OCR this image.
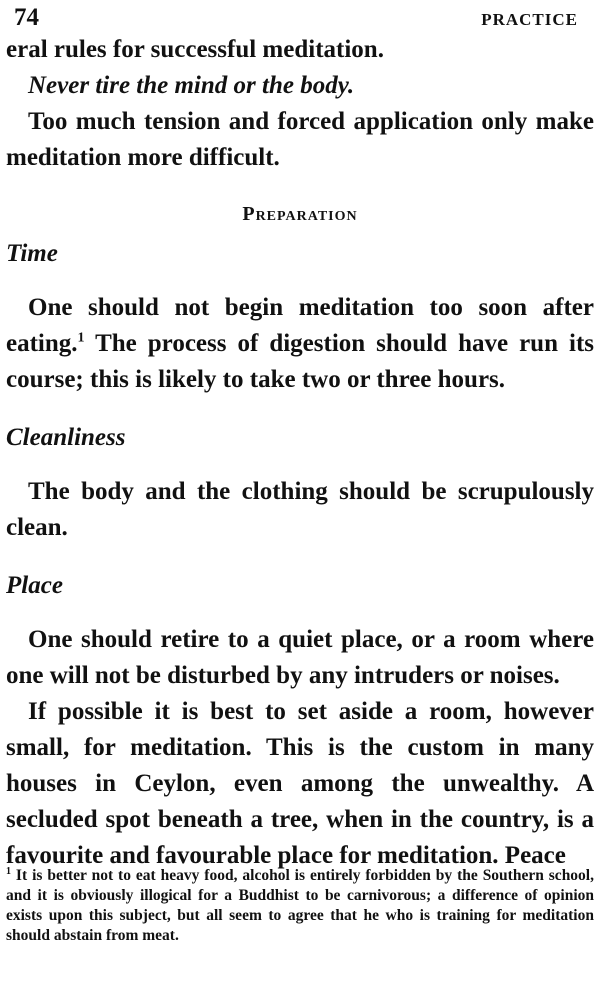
74	PRACTICE

eral rules for successful meditation.

Never tire the mind or the body.

Too much tension and forced application only make meditation more difficult.

Preparation

Time

One should not begin meditation too soon after eating.$^1$ The process of digestion should have run its course; this is likely to take two or three hours.

Cleanliness

The body and the clothing should be scrupulously clean.

Place

One should retire to a quiet place, or a room where one will not be disturbed by any intruders or noises.

If possible it is best to set aside a room, however small, for meditation. This is the custom in many houses in Ceylon, even among the unwealthy. A secluded spot beneath a tree, when in the country, is a favourite and favourable place for meditation. Peace

$^1$ It is better not to eat heavy food, alcohol is entirely forbidden by the Southern school, and it is obviously illogical for a Buddhist to be carnivorous; a difference of opinion exists upon this subject, but all seem to agree that he who is training for meditation should abstain from meat.
